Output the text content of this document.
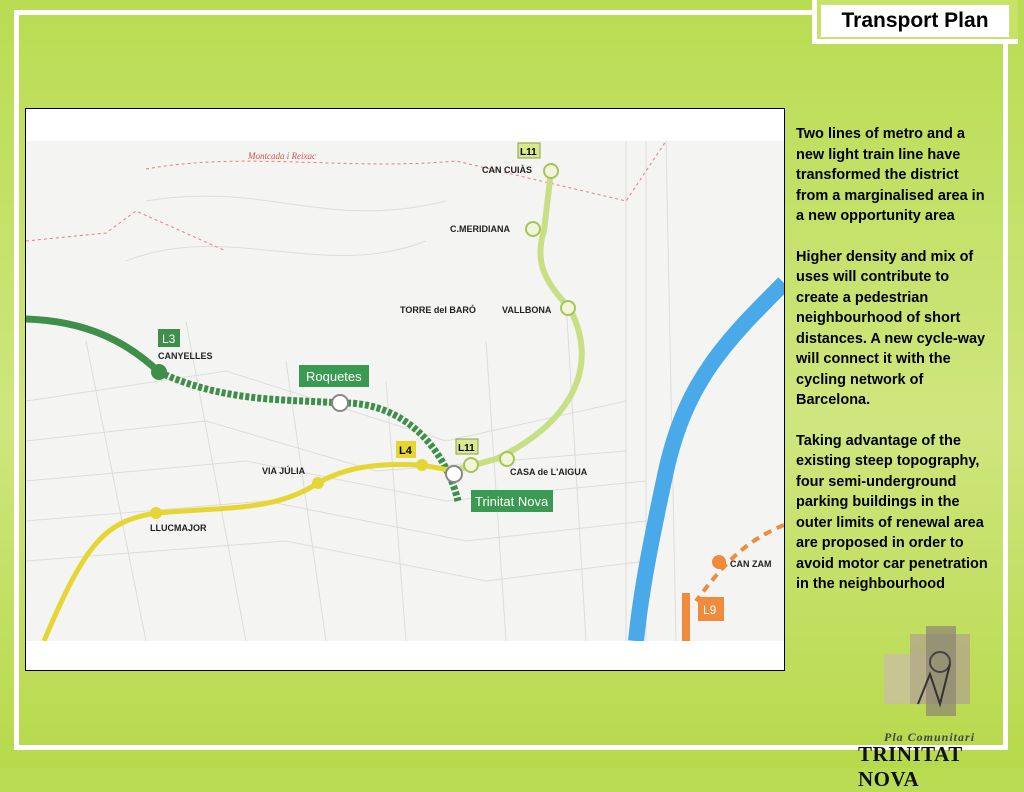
Transport Plan
L11
L11
L3
L4
L9
Montcada i Reixac
CAN CUIÀS
C.MERIDIANA
TORRE del BARÓ	VALLBONA
CANYELLES
Roquetes
VIA JÚLIA
LLUCMAJOR
CASA de L'AIGUA
Trinitat Nova
CAN ZAM

Two lines of metro and a new light train line have transformed the district from a marginalised area in a new opportunity area

Higher density and mix of uses will contribute to create a pedestrian neighbourhood of short distances. A new cycle-way will connect it with the cycling network of Barcelona.

Taking advantage of the existing steep topography, four semi-underground parking buildings in the outer limits of renewal area are proposed in order to avoid motor car penetration in the neighbourhood

Pla Comunitari
TRINITAT NOVA
